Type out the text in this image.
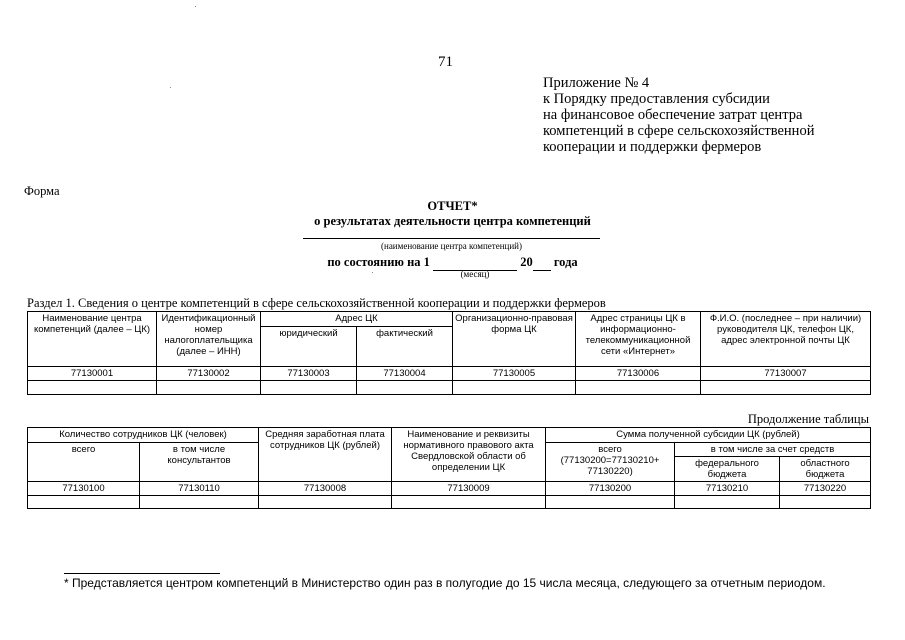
71
Приложение № 4
к Порядку предоставления субсидии
на финансовое обеспечение затрат центра
компетенций в сфере сельскохозяйственной
кооперации и поддержки фермеров
Форма
ОТЧЕТ*
о результатах деятельности центра компетенций
(наименование центра компетенций)
по состоянию на 1	20 года
(месяц)
Раздел 1. Сведения о центре компетенций в сфере сельскохозяйственной кооперации и поддержки фермеров
Наименование центра компетенций (далее – ЦК)	Идентификационный номер налогоплательщика (далее – ИНН)	Адрес ЦК		Организационно-правовая форма ЦК	Адрес страницы ЦК в информационно-телекоммуникационной сети «Интернет»	Ф.И.О. (последнее – при наличии) руководителя ЦК, телефон ЦК, адрес электронной почты ЦК
		юридический	фактический			
77130001	77130002	77130003	77130004	77130005	77130006	77130007

Продолжение таблицы
Количество сотрудников ЦК (человек)		Средняя заработная плата сотрудников ЦК (рублей)	Наименование и реквизиты нормативного правового акта Свердловской области об определении ЦК	Сумма полученной субсидии ЦК (рублей)		
всего	в том числе консультантов			всего (77130200=77130210+ 77130220)	в том числе за счет средств	
					федерального бюджета	областного бюджета
77130100	77130110	77130008	77130009	77130200	77130210	77130220

* Представляется центром компетенций в Министерство один раз в полугодие до 15 числа месяца, следующего за отчетным периодом.
